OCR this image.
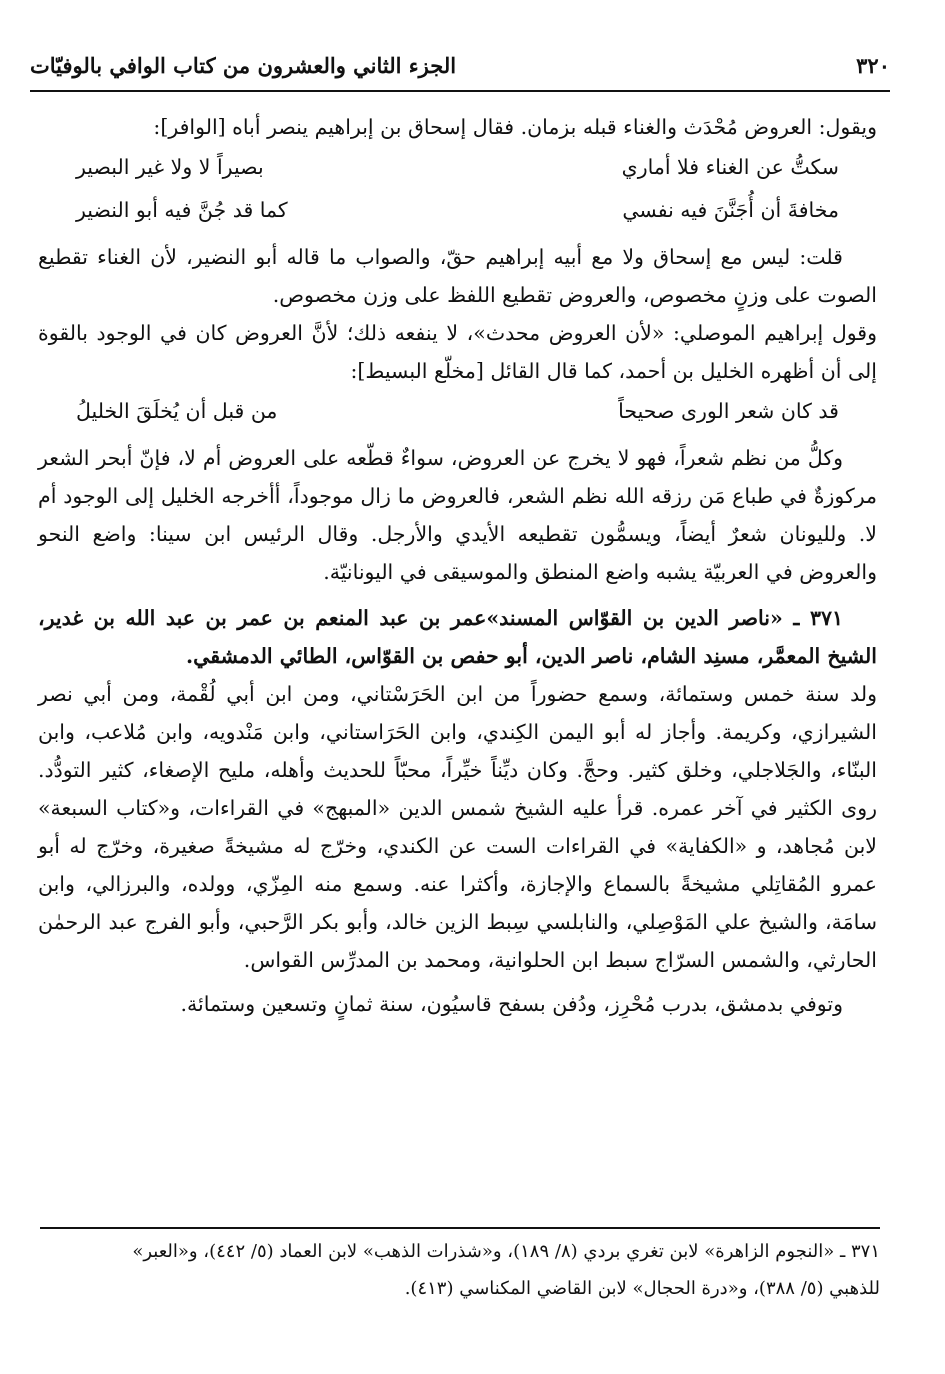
٣٢٠
الجزء الثاني والعشرون من كتاب الوافي بالوفيّات

ويقول: العروض مُحْدَث والغناء قبله بزمان. فقال إسحاق بن إبراهيم ينصر أباه [الوافر]:

سكتُّ عن الغناء فلا أماري
بصيراً لا ولا غير البصير
مخافةَ أن أُجَنَّنَ فيه نفسي
كما قد جُنَّ فيه أبو النضير

قلت: ليس مع إسحاق ولا مع أبيه إبراهيم حقّ، والصواب ما قاله أبو النضير، لأن الغناء تقطيع الصوت على وزنٍ مخصوص، والعروض تقطيع اللفظ على وزن مخصوص.

وقول إبراهيم الموصلي: «لأن العروض محدث»، لا ينفعه ذلك؛ لأنَّ العروض كان في الوجود بالقوة إلى أن أظهره الخليل بن أحمد، كما قال القائل [مخلّع البسيط]:

قد كان شعر الورى صحيحاً
من قبل أن يُخلَقَ الخليلُ

وكلُّ من نظم شعراً، فهو لا يخرج عن العروض، سواءٌ قطّعه على العروض أم لا، فإنّ أبحر الشعر مركوزةٌ في طباع مَن رزقه الله نظم الشعر، فالعروض ما زال موجوداً، أأخرجه الخليل إلى الوجود أم لا. ولليونان شعرٌ أيضاً، ويسمُّون تقطيعه الأيدي والأرجل. وقال الرئيس ابن سينا: واضع النحو والعروض في العربيّة يشبه واضع المنطق والموسيقى في اليونانيّة.

٣٧١ ـ «ناصر الدين بن القوّاس المسند»عمر بن عبد المنعم بن عمر بن عبد الله بن غدير، الشيخ المعمَّر، مسنِد الشام، ناصر الدين، أبو حفص بن القوّاس، الطائي الدمشقي.

ولد سنة خمس وستمائة، وسمع حضوراً من ابن الحَرَسْتاني، ومن ابن أبي لُقْمة، ومن أبي نصر الشيرازي، وكريمة. وأجاز له أبو اليمن الكِندي، وابن الحَرَاستاني، وابن مَنْدويه، وابن مُلاعب، وابن البنّاء، والجَلاجلي، وخلق كثير. وحجَّ. وكان ديِّناً خيِّراً، محبّاً للحديث وأهله، مليح الإصغاء، كثير التودُّد. روى الكثير في آخر عمره. قرأ عليه الشيخ شمس الدين «المبهج» في القراءات، و«كتاب السبعة» لابن مُجاهد، و «الكفاية» في القراءات الست عن الكندي، وخرّج له مشيخةً صغيرة، وخرّج له أبو عمرو المُقاتِلي مشيخةً بالسماع والإجازة، وأكثرا عنه. وسمع منه المِزّي، وولده، والبرزالي، وابن سامَة، والشيخ علي المَوْصِلي، والنابلسي سِبط الزين خالد، وأبو بكر الرَّحبي، وأبو الفرج عبد الرحمٰن الحارثي، والشمس السرّاج سبط ابن الحلوانية، ومحمد بن المدرِّس القواس.

وتوفي بدمشق، بدرب مُحْرِز، ودُفن بسفح قاسيُون، سنة ثمانٍ وتسعين وستمائة.

٣٧١ ـ «النجوم الزاهرة» لابن تغري بردي (٨/ ١٨٩)، و«شذرات الذهب» لابن العماد (٥/ ٤٤٢)، و«العبر»

للذهبي (٥/ ٣٨٨)، و«درة الحجال» لابن القاضي المكناسي (٤١٣).
